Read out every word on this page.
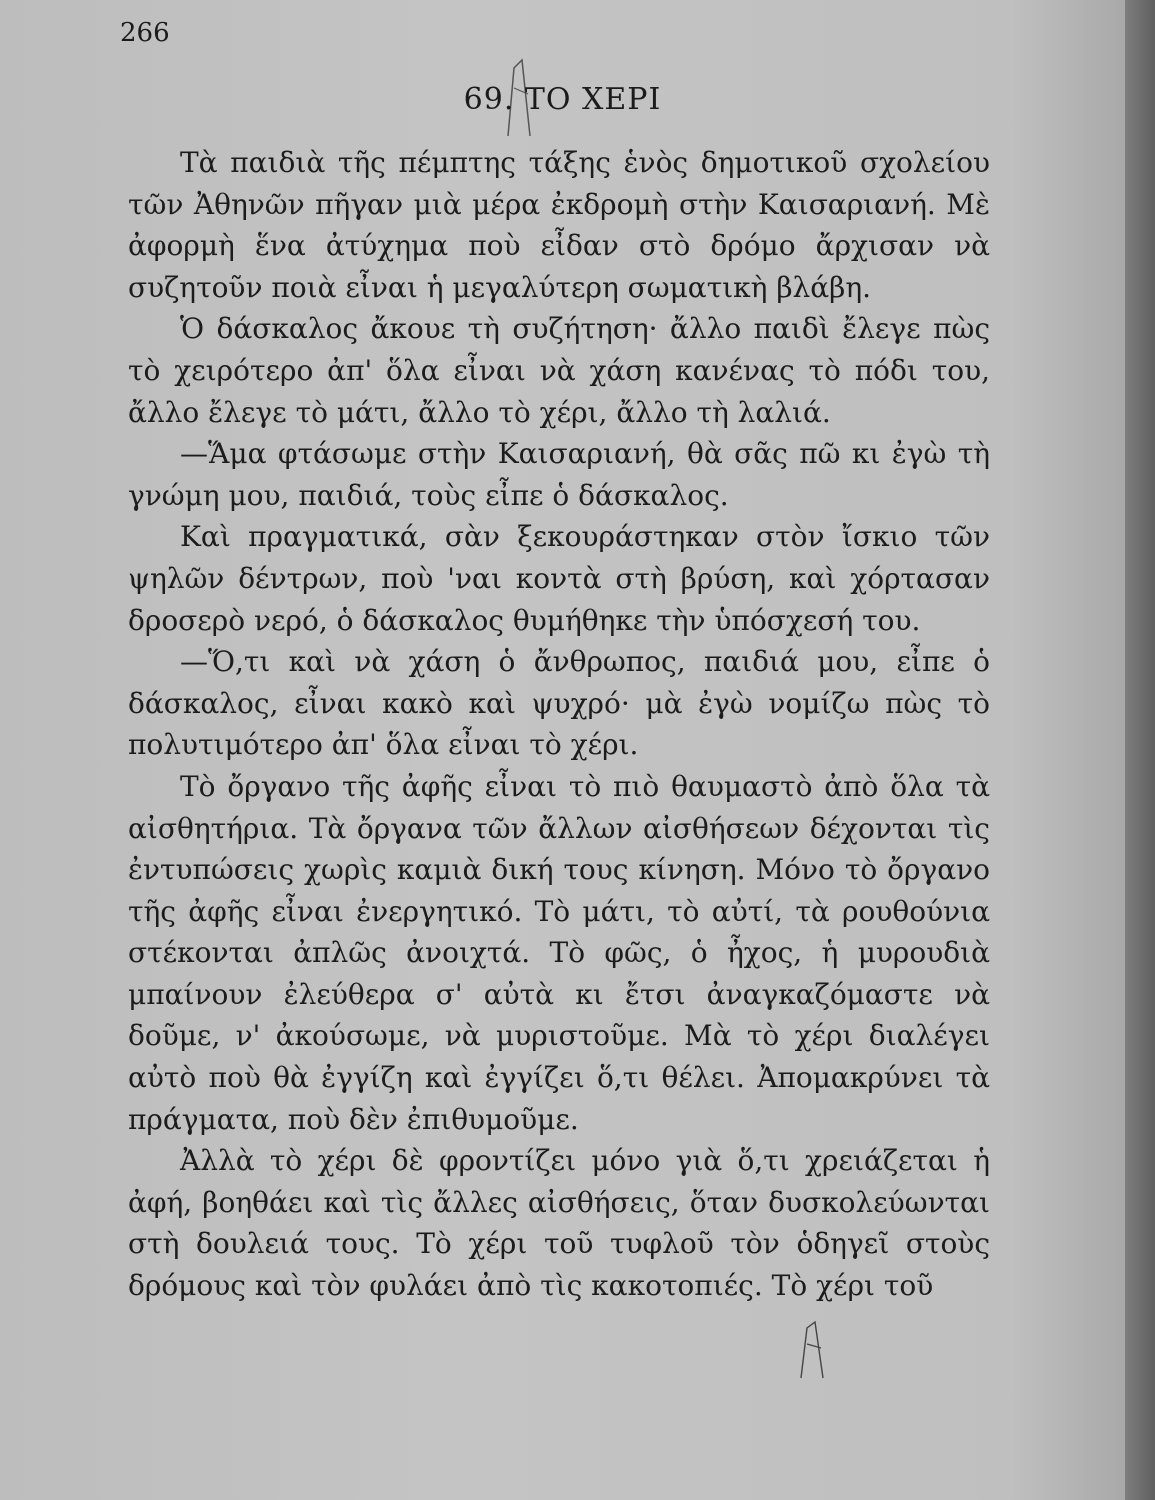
266
69. ΤΟ ΧΕΡΙ

Τὰ παιδιὰ τῆς πέμπτης τάξης ἑνὸς δημοτικοῦ σχολείου τῶν Ἀθηνῶν πῆγαν μιὰ μέρα ἐκδρομὴ στὴν Καισαριανή. Μὲ ἀφορμὴ ἕνα ἀτύχημα ποὺ εἶδαν στὸ δρόμο ἄρχισαν νὰ συζητοῦν ποιὰ εἶναι ἡ μεγαλύτερη σωματικὴ βλάβη.

Ὁ δάσκαλος ἄκουε τὴ συζήτηση· ἄλλο παιδὶ ἔλεγε πὼς τὸ χειρότερο ἀπ' ὅλα εἶναι νὰ χάση κανένας τὸ πόδι του, ἄλλο ἔλεγε τὸ μάτι, ἄλλο τὸ χέρι, ἄλλο τὴ λαλιά.

—Ἅμα φτάσωμε στὴν Καισαριανή, θὰ σᾶς πῶ κι ἐγὼ τὴ γνώμη μου, παιδιά, τοὺς εἶπε ὁ δάσκαλος.

Καὶ πραγματικά, σὰν ξεκουράστηκαν στὸν ἴσκιο τῶν ψηλῶν δέντρων, ποὺ 'ναι κοντὰ στὴ βρύση, καὶ χόρτασαν δροσερὸ νερό, ὁ δάσκαλος θυμήθηκε τὴν ὑπόσχεσή του.

—Ὅ,τι καὶ νὰ χάση ὁ ἄνθρωπος, παιδιά μου, εἶπε ὁ δάσκαλος, εἶναι κακὸ καὶ ψυχρό· μὰ ἐγὼ νομίζω πὼς τὸ πολυτιμότερο ἀπ' ὅλα εἶναι τὸ χέρι.

Τὸ ὄργανο τῆς ἀφῆς εἶναι τὸ πιὸ θαυμαστὸ ἀπὸ ὅλα τὰ αἰσθητήρια. Τὰ ὄργανα τῶν ἄλλων αἰσθήσεων δέχονται τὶς ἐντυπώσεις χωρὶς καμιὰ δική τους κίνηση. Μόνο τὸ ὄργανο τῆς ἀφῆς εἶναι ἐνεργητικό. Τὸ μάτι, τὸ αὐτί, τὰ ρουθούνια στέκονται ἀπλῶς ἀνοιχτά. Τὸ φῶς, ὁ ἦχος, ἡ μυρουδιὰ μπαίνουν ἐλεύθερα σ' αὐτὰ κι ἔτσι ἀναγκαζόμαστε νὰ δοῦμε, ν' ἀκούσωμε, νὰ μυριστοῦμε. Μὰ τὸ χέρι διαλέγει αὐτὸ ποὺ θὰ ἐγγίζη καὶ ἐγγίζει ὅ,τι θέλει. Ἀπομακρύνει τὰ πράγματα, ποὺ δὲν ἐπιθυμοῦμε.

Ἀλλὰ τὸ χέρι δὲ φροντίζει μόνο γιὰ ὅ,τι χρειάζεται ἡ ἀφή, βοηθάει καὶ τὶς ἄλλες αἰσθήσεις, ὅταν δυσκολεύωνται στὴ δουλειά τους. Τὸ χέρι τοῦ τυφλοῦ τὸν ὁδηγεῖ στοὺς δρόμους καὶ τὸν φυλάει ἀπὸ τὶς κακοτοπιές. Τὸ χέρι τοῦ
